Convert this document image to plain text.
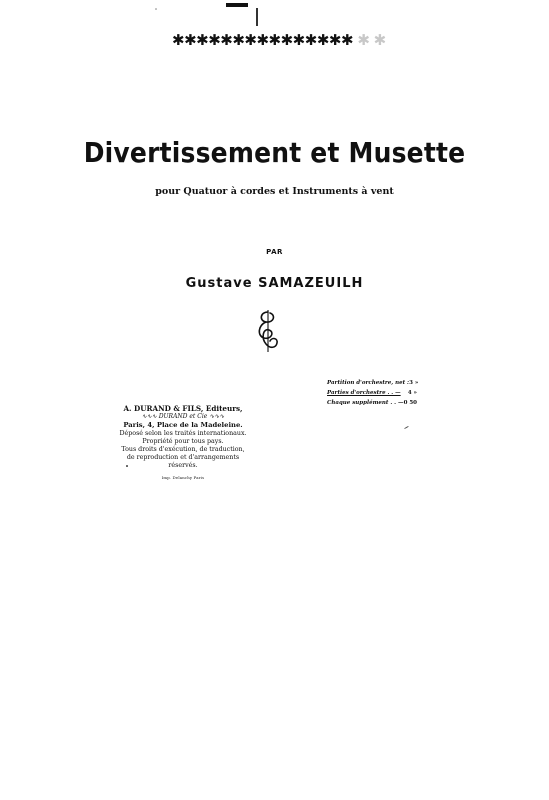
✱✱✱✱✱✱✱✱✱✱✱✱✱✱✱ ✱ ✱
Divertissement et Musette
pour Quatuor à cordes et Instruments à vent
PAR
Gustave SAMAZEUILH
Partition d'orchestre, net : 3 »
Parties d'orchestre . . — 4 »
Chaque supplément . . — 0 50
A. DURAND & FILS, Editeurs,
∿∿∿ DURAND et Cie ∿∿∿
Paris, 4, Place de la Madeleine.
Déposé selon les traités internationaux.
Propriété pour tous pays.
Tous droits d'exécution, de traduction,
de reproduction et d'arrangements réservés.
Imp. Delanchy Paris
